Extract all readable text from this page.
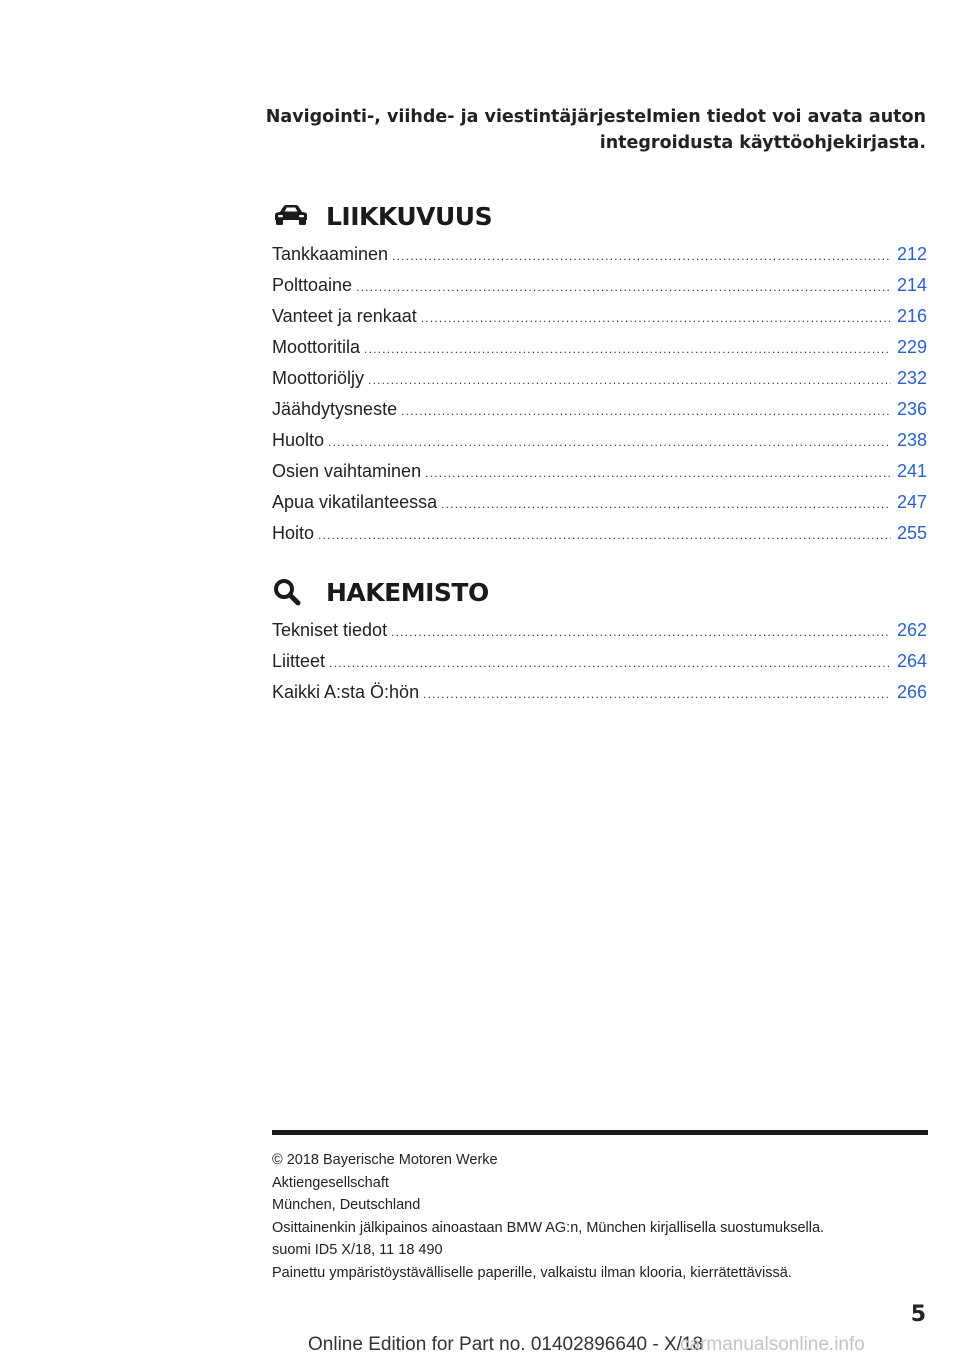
Navigointi-, viihde- ja viestintäjärjestelmien tiedot voi avata auton
integroidusta käyttöohjekirjasta.
LIIKKUVUUS
Tankkaaminen .....	212
Polttoaine .....	214
Vanteet ja renkaat .....	216
Moottoritila .....	229
Moottoriöljy .....	232
Jäähdytysneste .....	236
Huolto .....	238
Osien vaihtaminen .....	241
Apua vikatilanteessa .....	247
Hoito .....	255
HAKEMISTO
Tekniset tiedot .....	262
Liitteet .....	264
Kaikki A:sta Ö:hön .....	266
© 2018 Bayerische Motoren Werke
Aktiengesellschaft
München, Deutschland
Osittainenkin jälkipainos ainoastaan BMW AG:n, München kirjallisella suostumuksella.
suomi ID5 X/18, 11 18 490
Painettu ympäristöystävälliselle paperille, valkaistu ilman klooria, kierrätettävissä.
5
Online Edition for Part no. 01402896640 - X/18
carmanualsonline.info
